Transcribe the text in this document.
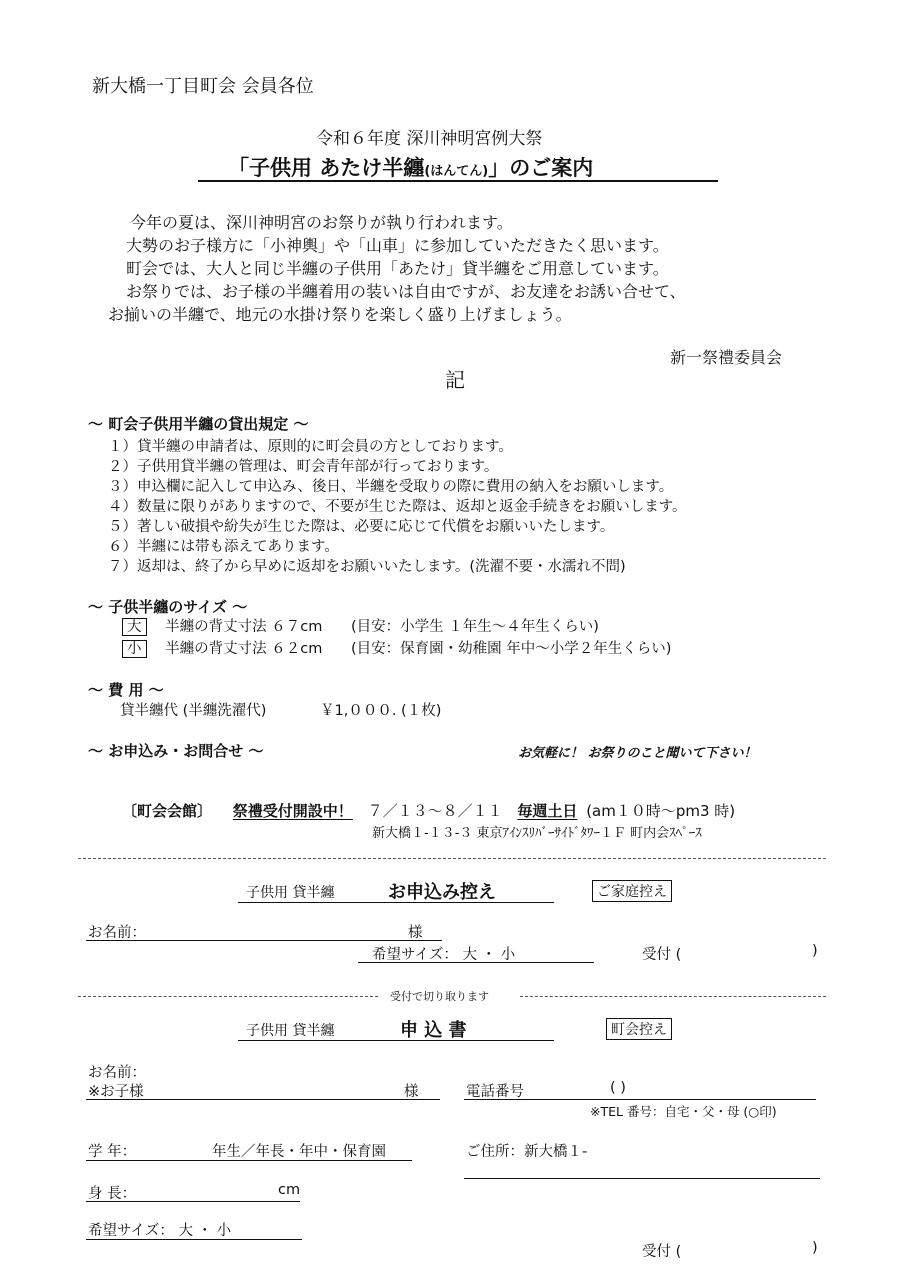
新大橋一丁目町会 会員各位
令和６年度 深川神明宮例大祭
「子供用 あたけ半纏(はんてん)」のご案内
今年の夏は、深川神明宮のお祭りが執り行われます。
大勢のお子様方に「小神輿」や「山車」に参加していただきたく思います。
町会では、大人と同じ半纏の子供用「あたけ」貸半纏をご用意しています。
お祭りでは、お子様の半纏着用の装いは自由ですが、お友達をお誘い合せて、
お揃いの半纏で、地元の水掛け祭りを楽しく盛り上げましょう。
新一祭禮委員会
記
～ 町会子供用半纏の貸出規定 ～
１）貸半纏の申請者は、原則的に町会員の方としております。
２）子供用貸半纏の管理は、町会青年部が行っております。
３）申込欄に記入して申込み、後日、半纏を受取りの際に費用の納入をお願いします。
４）数量に限りがありますので、不要が生じた際は、返却と返金手続きをお願いします。
５）著しい破損や紛失が生じた際は、必要に応じて代償をお願いいたします。
６）半纏には帯も添えてあります。
７）返却は、終了から早めに返却をお願いいたします。(洗濯不要・水濡れ不問)
～ 子供半纏のサイズ ～
大 半纏の背丈寸法 ６７cm (目安：小学生 １年生～４年生くらい)
小 半纏の背丈寸法 ６２cm (目安：保育園・幼稚園 年中～小学２年生くらい)
～ 費 用 ～
貸半纏代 (半纏洗濯代)	￥1,０００. (１枚)
～ お申込み・お問合せ ～	お気軽に！ お祭りのこと聞いて下さい！
〔町会会館〕 祭禮受付開設中！ ７／１３～８／１１ 毎週土日 (am１０時～pm3 時)
新大橋１-１３-３ 東京ｱｲﾝｽﾘﾊﾞｰｻｲﾄﾞﾀﾜｰ１Ｆ 町内会ｽﾍﾟｰｽ
子供用 貸半纏	お申込み控え	ご家庭控え
お名前：	様
希望サイズ： 大 ・ 小	受付 (	)
受付で切り取ります
子供用 貸半纏	申 込 書	町会控え
お名前：
※お子様	様	電話番号	( )
※TEL 番号：自宅・父・母 (○印)
学 年：	年生／年長・年中・保育園	ご住所：新大橋１-
身 長：	cm
希望サイズ： 大 ・ 小
受付 (	)
